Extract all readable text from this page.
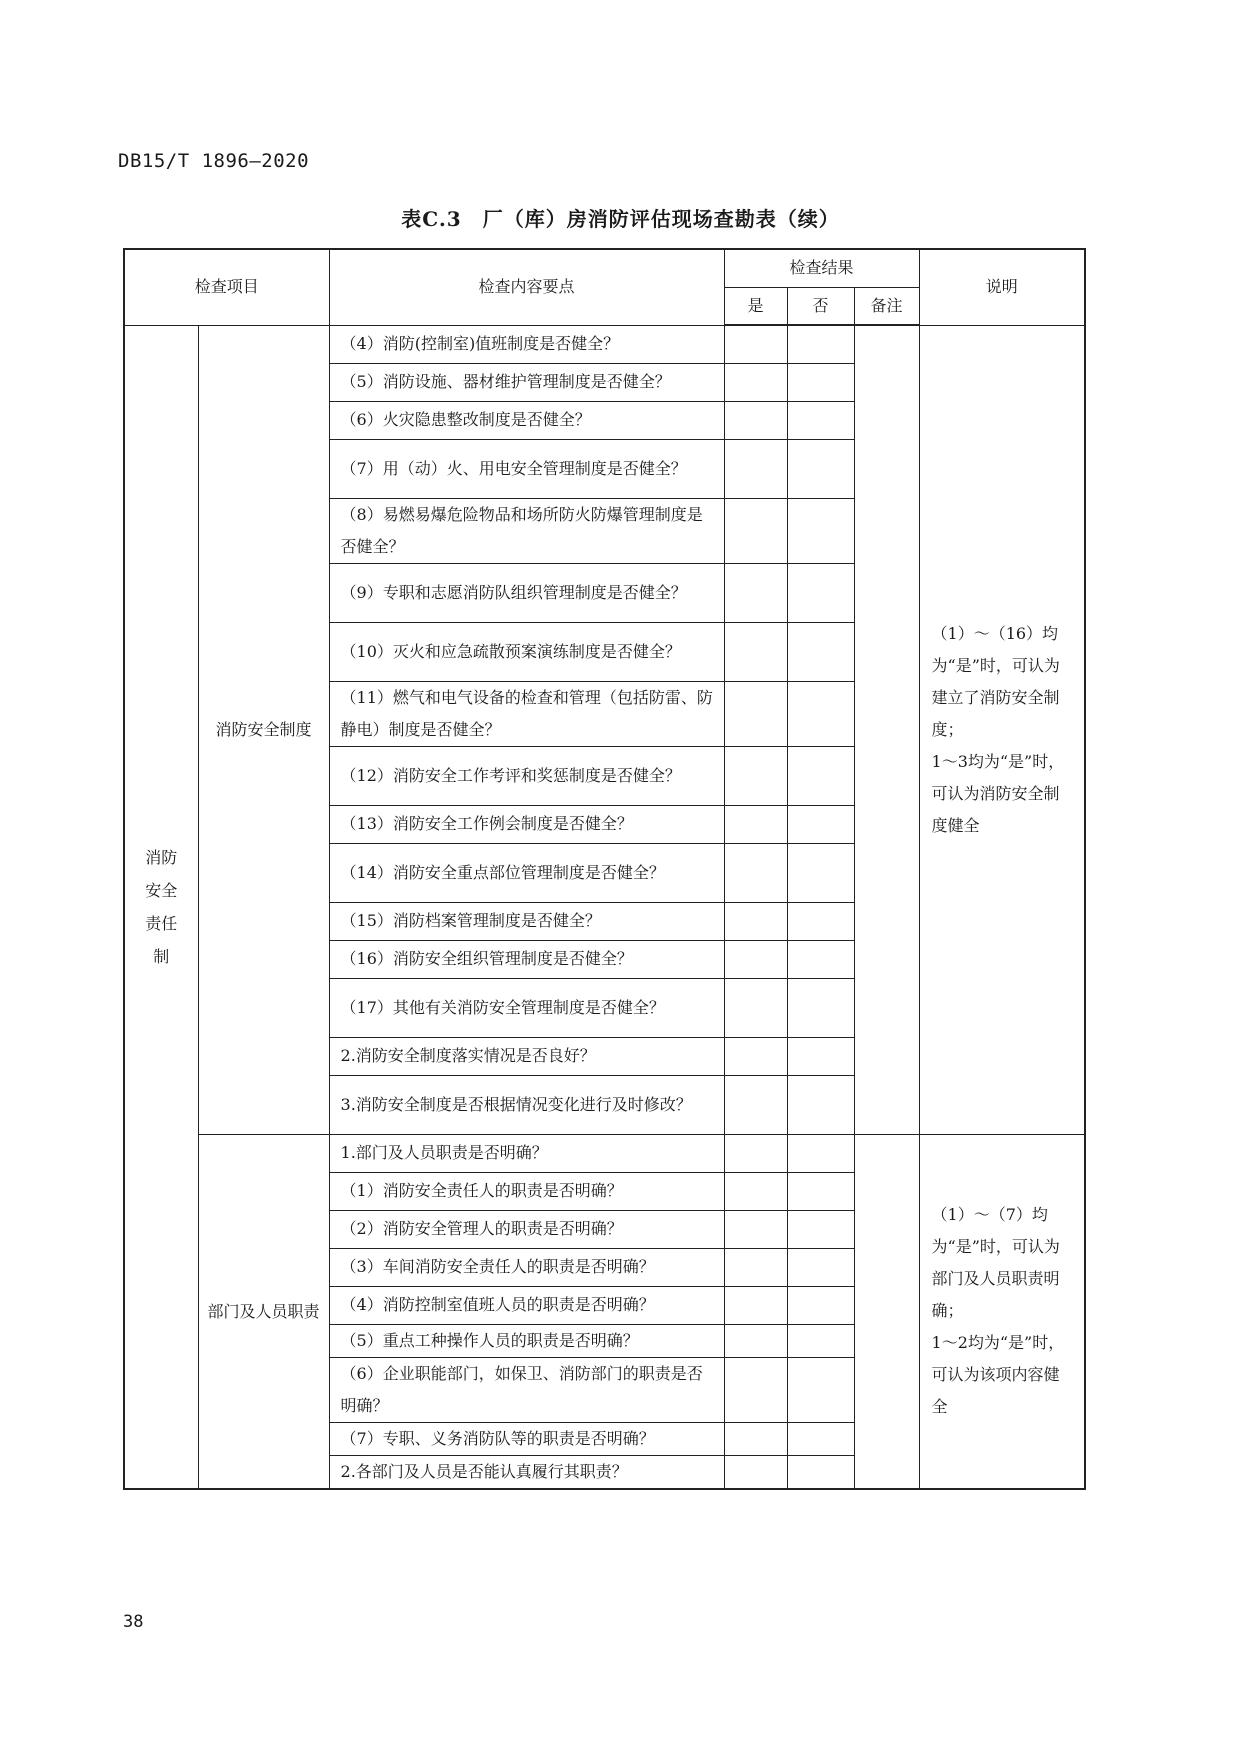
DB15/T 1896—2020
表C.3　厂（库）房消防评估现场查勘表（续）
检查项目		检查内容要点	检查结果			说明
			是	否	备注	
消防安全责任制	消防安全制度	（4）消防(控制室)值班制度是否健全？				（1）～（16）均为“是”时，可认为建立了消防安全制度；
1～3均为“是”时，可认为消防安全制度健全
		（5）消防设施、器材维护管理制度是否健全？				
		（6）火灾隐患整改制度是否健全？				
		（7）用（动）火、用电安全管理制度是否健全？				
		（8）易燃易爆危险物品和场所防火防爆管理制度是否健全？				
		（9）专职和志愿消防队组织管理制度是否健全？				
		（10）灭火和应急疏散预案演练制度是否健全？				
		（11）燃气和电气设备的检查和管理（包括防雷、防静电）制度是否健全？				
		（12）消防安全工作考评和奖惩制度是否健全？				
		（13）消防安全工作例会制度是否健全？				
		（14）消防安全重点部位管理制度是否健全？				
		（15）消防档案管理制度是否健全？				
		（16）消防安全组织管理制度是否健全？				
		（17）其他有关消防安全管理制度是否健全？				
		2.消防安全制度落实情况是否良好？				
		3.消防安全制度是否根据情况变化进行及时修改？				
	部门及人员职责	1.部门及人员职责是否明确？				（1）～（7）均为“是”时，可认为部门及人员职责明确；
1～2均为“是”时，可认为该项内容健全
		（1）消防安全责任人的职责是否明确？				
		（2）消防安全管理人的职责是否明确？				
		（3）车间消防安全责任人的职责是否明确？				
		（4）消防控制室值班人员的职责是否明确？				
		（5）重点工种操作人员的职责是否明确？				
		（6）企业职能部门，如保卫、消防部门的职责是否明确？				
		（7）专职、义务消防队等的职责是否明确？				
		2.各部门及人员是否能认真履行其职责？				
38
